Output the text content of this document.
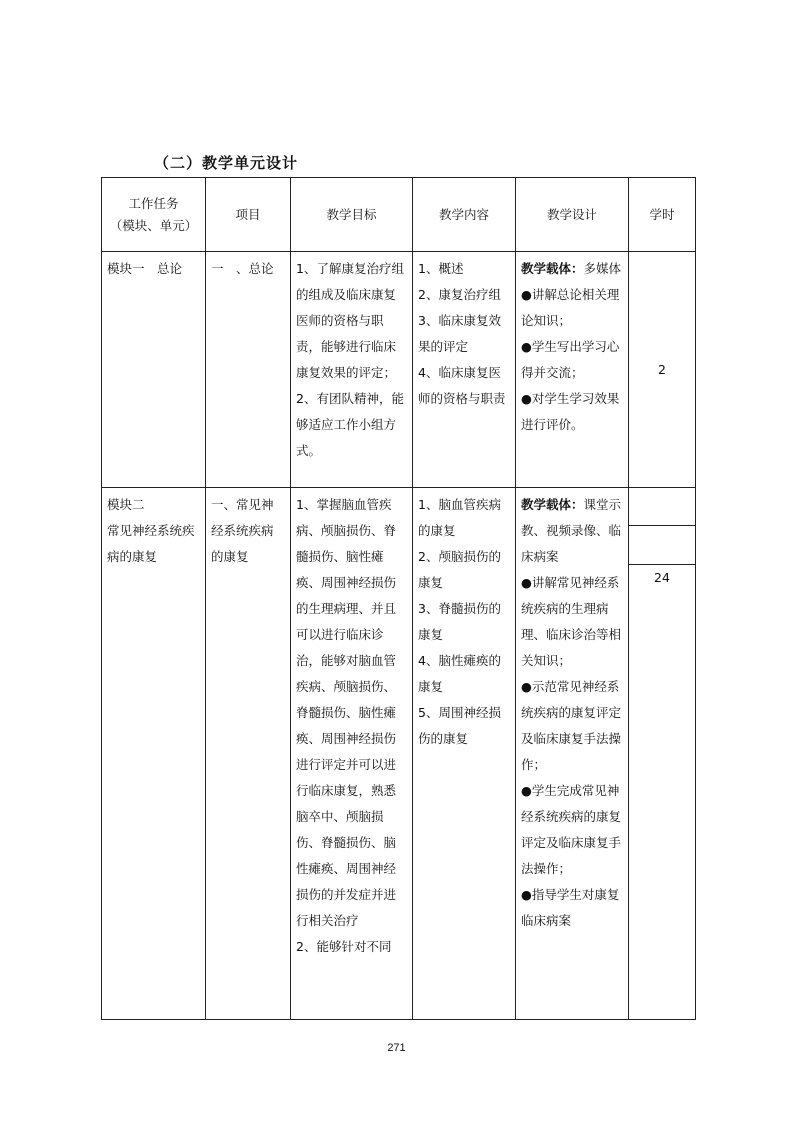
（二）教学单元设计
工作任务
（模块、单元）	项目	教学目标	教学内容	教学设计	学时
模块一　总论	一　、总论	1、了解康复治疗组的组成及临床康复医师的资格与职责，能够进行临床康复效果的评定；
2、有团队精神，能够适应工作小组方式。	1、概述
2、康复治疗组
3、临床康复效果的评定
4、临床康复医师的资格与职责	教学载体：多媒体
●讲解总论相关理论知识；
●学生写出学习心得并交流；
●对学生学习效果进行评价。	2

模块二
常见神经系统疾病的康复	一、常见神经系统疾病的康复	1、掌握脑血管疾病、颅脑损伤、脊髓损伤、脑性瘫痪、周围神经损伤的生理病理、并且可以进行临床诊治，能够对脑血管疾病、颅脑损伤、脊髓损伤、脑性瘫痪、周围神经损伤进行评定并可以进行临床康复，熟悉脑卒中、颅脑损伤、脊髓损伤、脑性瘫痪、周围神经损伤的并发症并进行相关治疗
2、能够针对不同	1、脑血管疾病的康复
2、颅脑损伤的康复
3、脊髓损伤的康复
4、脑性瘫痪的康复
5、周围神经损伤的康复	教学载体：课堂示教、视频录像、临床病案
●讲解常见神经系统疾病的生理病理、临床诊治等相关知识；
●示范常见神经系统疾病的康复评定及临床康复手法操作；
●学生完成常见神经系统疾病的康复评定及临床康复手法操作；
●指导学生对康复临床病案	24
271
